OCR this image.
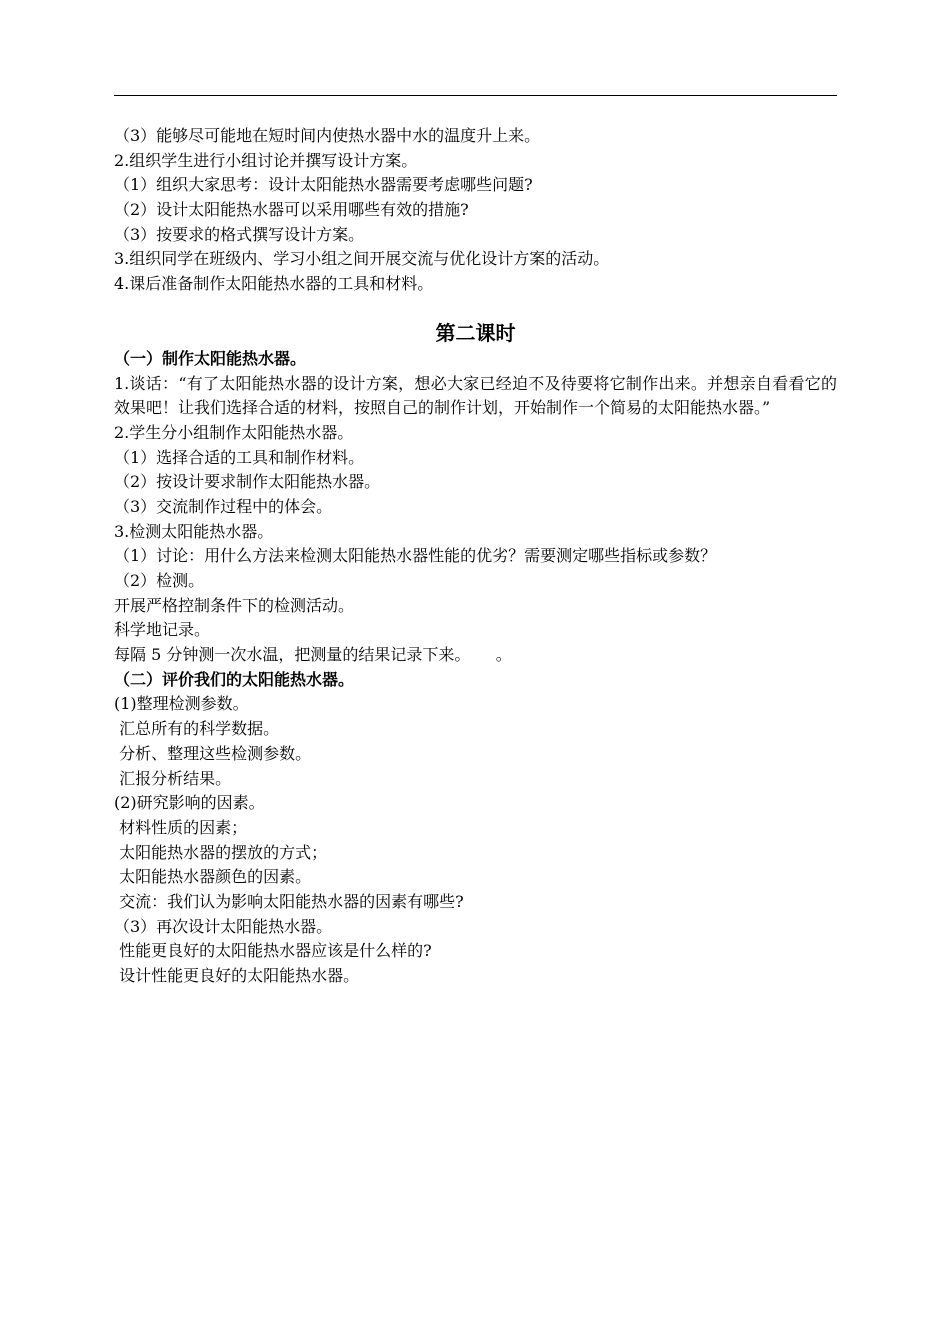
（3）能够尽可能地在短时间内使热水器中水的温度升上来。
2.组织学生进行小组讨论并撰写设计方案。
（1）组织大家思考：设计太阳能热水器需要考虑哪些问题?
（2）设计太阳能热水器可以采用哪些有效的措施?
（3）按要求的格式撰写设计方案。
3.组织同学在班级内、学习小组之间开展交流与优化设计方案的活动。
4.课后准备制作太阳能热水器的工具和材料。
第二课时
（一）制作太阳能热水器。
1.谈话：“有了太阳能热水器的设计方案，想必大家已经迫不及待要将它制作出来。并想亲自看看它的效果吧！让我们选择合适的材料，按照自己的制作计划，开始制作一个简易的太阳能热水器。”
2.学生分小组制作太阳能热水器。
（1）选择合适的工具和制作材料。
（2）按设计要求制作太阳能热水器。
（3）交流制作过程中的体会。
3.检测太阳能热水器。
（1）讨论：用什么方法来检测太阳能热水器性能的优劣？需要测定哪些指标或参数？
（2）检测。
开展严格控制条件下的检测活动。
科学地记录。
每隔 5 分钟测一次水温，把测量的结果记录下来。     。
（二）评价我们的太阳能热水器。
(1)整理检测参数。
汇总所有的科学数据。
分析、整理这些检测参数。
汇报分析结果。
(2)研究影响的因素。
材料性质的因素；
太阳能热水器的摆放的方式；
太阳能热水器颜色的因素。
交流：我们认为影响太阳能热水器的因素有哪些?
（3）再次设计太阳能热水器。
性能更良好的太阳能热水器应该是什么样的?
设计性能更良好的太阳能热水器。
